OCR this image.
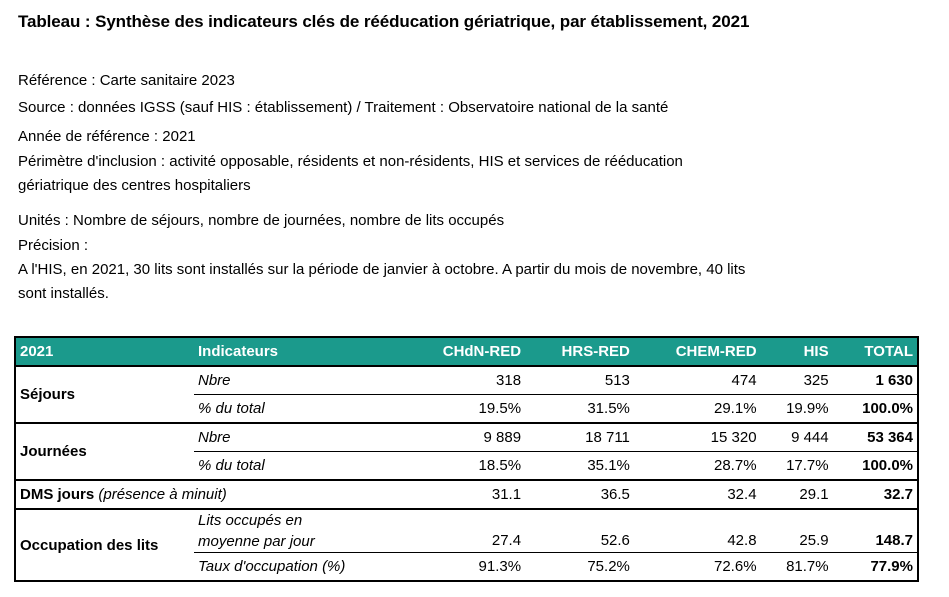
Tableau : Synthèse des indicateurs clés de rééducation gériatrique, par établissement, 2021

Référence : Carte sanitaire 2023

Source : données IGSS (sauf HIS : établissement) / Traitement : Observatoire national de la santé

Année de référence : 2021

Périmètre d'inclusion : activité opposable, résidents et non-résidents, HIS et services de rééducation
gériatrique des centres hospitaliers

Unités : Nombre de séjours, nombre de journées, nombre de lits occupés

Précision :

A l'HIS, en 2021, 30 lits sont installés sur la période de janvier à octobre. A partir du mois de novembre, 40 lits
sont installés.

2021	Indicateurs	CHdN-RED	HRS-RED	CHEM-RED	HIS	TOTAL
Séjours	Nbre	318	513	474	325	1 630
	% du total	19.5%	31.5%	29.1%	19.9%	100.0%
Journées	Nbre	9 889	18 711	15 320	9 444	53 364
	% du total	18.5%	35.1%	28.7%	17.7%	100.0%
DMS jours (présence à minuit)		31.1	36.5	32.4	29.1	32.7
Occupation des lits	Lits occupés en
moyenne par jour	27.4	52.6	42.8	25.9	148.7
	Taux d'occupation (%)	91.3%	75.2%	72.6%	81.7%	77.9%
